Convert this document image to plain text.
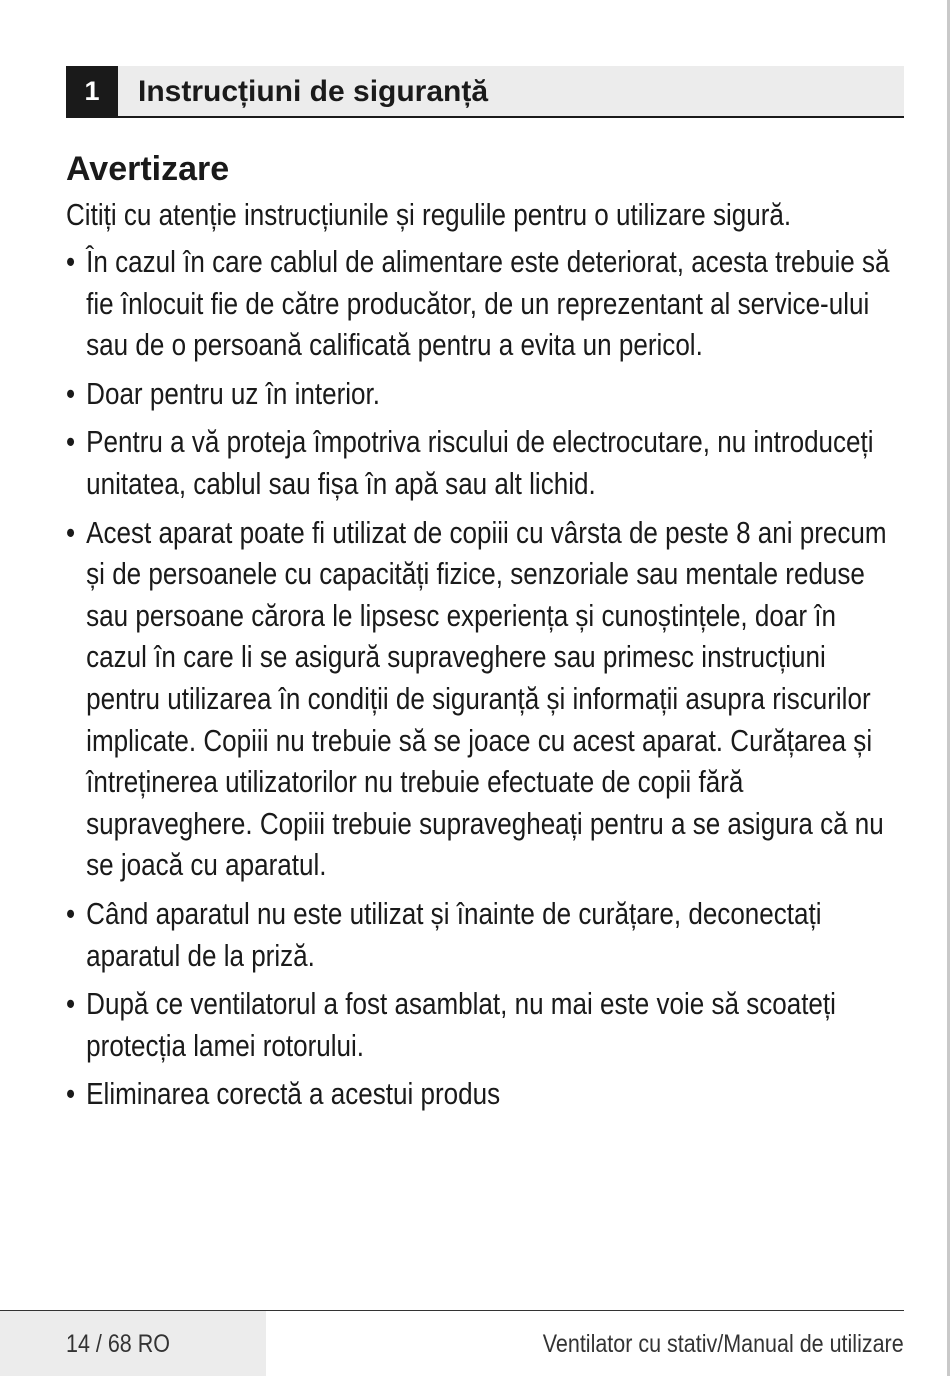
1	Instrucțiuni de siguranță
Avertizare

Citiți cu atenție instrucțiunile și regulile pentru o utilizare sigură.

• În cazul în care cablul de alimentare este deteriorat, acesta trebuie să fie înlocuit fie de către producător, de un reprezentant al service-ului sau de o persoană calificată pentru a evita un pericol.
• Doar pentru uz în interior.
• Pentru a vă proteja împotriva riscului de electrocutare, nu introduceți unitatea, cablul sau fișa în apă sau alt lichid.
• Acest aparat poate fi utilizat de copiii cu vârsta de peste 8 ani precum și de persoanele cu capacități fizice, senzoriale sau mentale reduse sau persoane cărora le lipsesc experiența și cunoștințele, doar în cazul în care li se asigură supraveghere sau primesc instrucțiuni pentru utilizarea în condiții de siguranță și informații asupra riscurilor implicate. Copiii nu trebuie să se joace cu acest aparat. Curățarea și întreținerea utilizatorilor nu trebuie efectuate de copii fără supraveghere. Copiii trebuie supravegheați pentru a se asigura că nu se joacă cu aparatul.
• Când aparatul nu este utilizat și înainte de curățare, deconectați aparatul de la priză.
• După ce ventilatorul a fost asamblat, nu mai este voie să scoateți protecția lamei rotorului.
• Eliminarea corectă a acestui produs
14 / 68 RO	Ventilator cu stativ/Manual de utilizare
